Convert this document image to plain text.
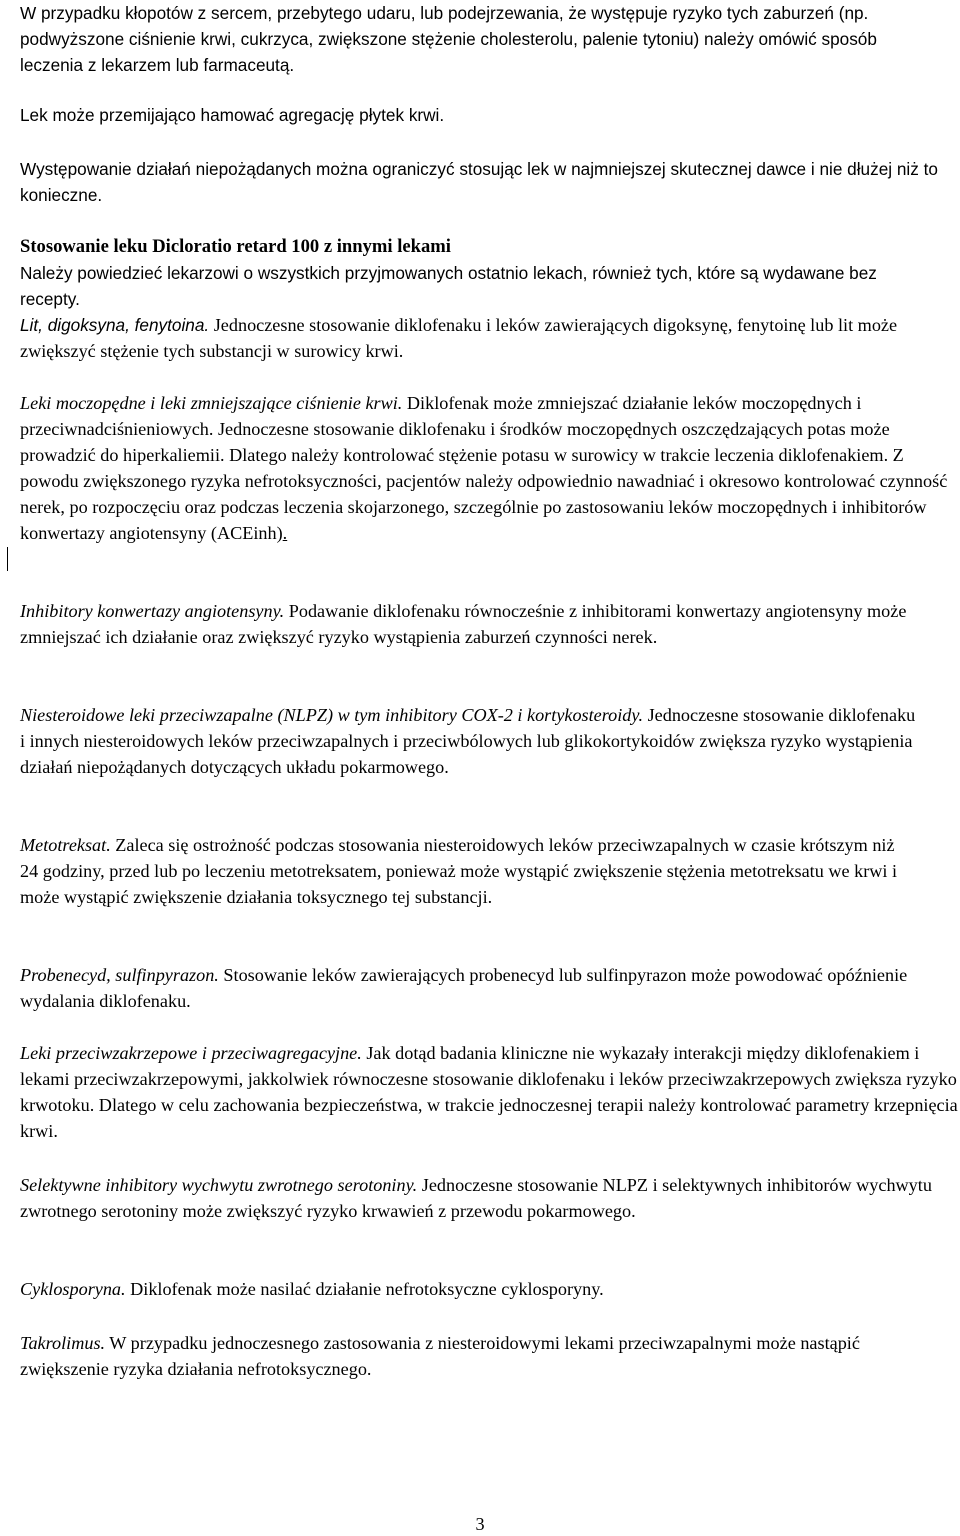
W przypadku kłopotów z sercem, przebytego udaru, lub podejrzewania, że występuje ryzyko tych zaburzeń (np. podwyższone ciśnienie krwi, cukrzyca, zwiększone stężenie cholesterolu, palenie tytoniu) należy omówić sposób leczenia z lekarzem lub farmaceutą.

Lek może przemijająco hamować agregację płytek krwi.

Występowanie działań niepożądanych można ograniczyć stosując lek w najmniejszej skutecznej dawce i nie dłużej niż to konieczne.

Stosowanie leku Dicloratio retard 100 z innymi lekami

Należy powiedzieć lekarzowi o wszystkich przyjmowanych ostatnio lekach, również tych, które są wydawane bez recepty.

Lit, digoksyna, fenytoina. Jednoczesne stosowanie diklofenaku i leków zawierających digoksynę, fenytoinę lub lit może zwiększyć stężenie tych substancji w surowicy krwi.

Leki moczopędne i leki zmniejszające ciśnienie krwi. Diklofenak może zmniejszać działanie leków moczopędnych i przeciwnadciśnieniowych. Jednoczesne stosowanie diklofenaku i środków moczopędnych oszczędzających potas może prowadzić do hiperkaliemii. Dlatego należy kontrolować stężenie potasu w surowicy w trakcie leczenia diklofenakiem. Z powodu zwiększonego ryzyka nefrotoksyczności, pacjentów należy odpowiednio nawadniać i okresowo kontrolować czynność nerek, po rozpoczęciu oraz podczas leczenia skojarzonego, szczególnie po zastosowaniu leków moczopędnych i inhibitorów konwertazy angiotensyny (ACEinh).

Inhibitory konwertazy angiotensyny. Podawanie diklofenaku równocześnie z inhibitorami konwertazy angiotensyny może zmniejszać ich działanie oraz zwiększyć ryzyko wystąpienia zaburzeń czynności nerek.

Niesteroidowe leki przeciwzapalne (NLPZ) w tym inhibitory COX-2 i kortykosteroidy. Jednoczesne stosowanie diklofenaku i innych niesteroidowych leków przeciwzapalnych i przeciwbólowych lub glikokortykoidów zwiększa ryzyko wystąpienia działań niepożądanych dotyczących układu pokarmowego.

Metotreksat. Zaleca się ostrożność podczas stosowania niesteroidowych leków przeciwzapalnych w czasie krótszym niż 24 godziny, przed lub po leczeniu metotreksatem, ponieważ może wystąpić zwiększenie stężenia metotreksatu we krwi i może wystąpić zwiększenie działania toksycznego tej substancji.

Probenecyd, sulfinpyrazon. Stosowanie leków zawierających probenecyd lub sulfinpyrazon może powodować opóźnienie wydalania diklofenaku.

Leki przeciwzakrzepowe i przeciwagregacyjne. Jak dotąd badania kliniczne nie wykazały interakcji między diklofenakiem i lekami przeciwzakrzepowymi, jakkolwiek równoczesne stosowanie diklofenaku i leków przeciwzakrzepowych zwiększa ryzyko krwotoku. Dlatego w celu zachowania bezpieczeństwa, w trakcie jednoczesnej terapii należy kontrolować parametry krzepnięcia krwi.

Selektywne inhibitory wychwytu zwrotnego serotoniny. Jednoczesne stosowanie NLPZ i selektywnych inhibitorów wychwytu zwrotnego serotoniny może zwiększyć ryzyko krwawień z przewodu pokarmowego.

Cyklosporyna. Diklofenak może nasilać działanie nefrotoksyczne cyklosporyny.

Takrolimus. W przypadku jednoczesnego zastosowania z niesteroidowymi lekami przeciwzapalnymi może nastąpić zwiększenie ryzyka działania nefrotoksycznego.

3
